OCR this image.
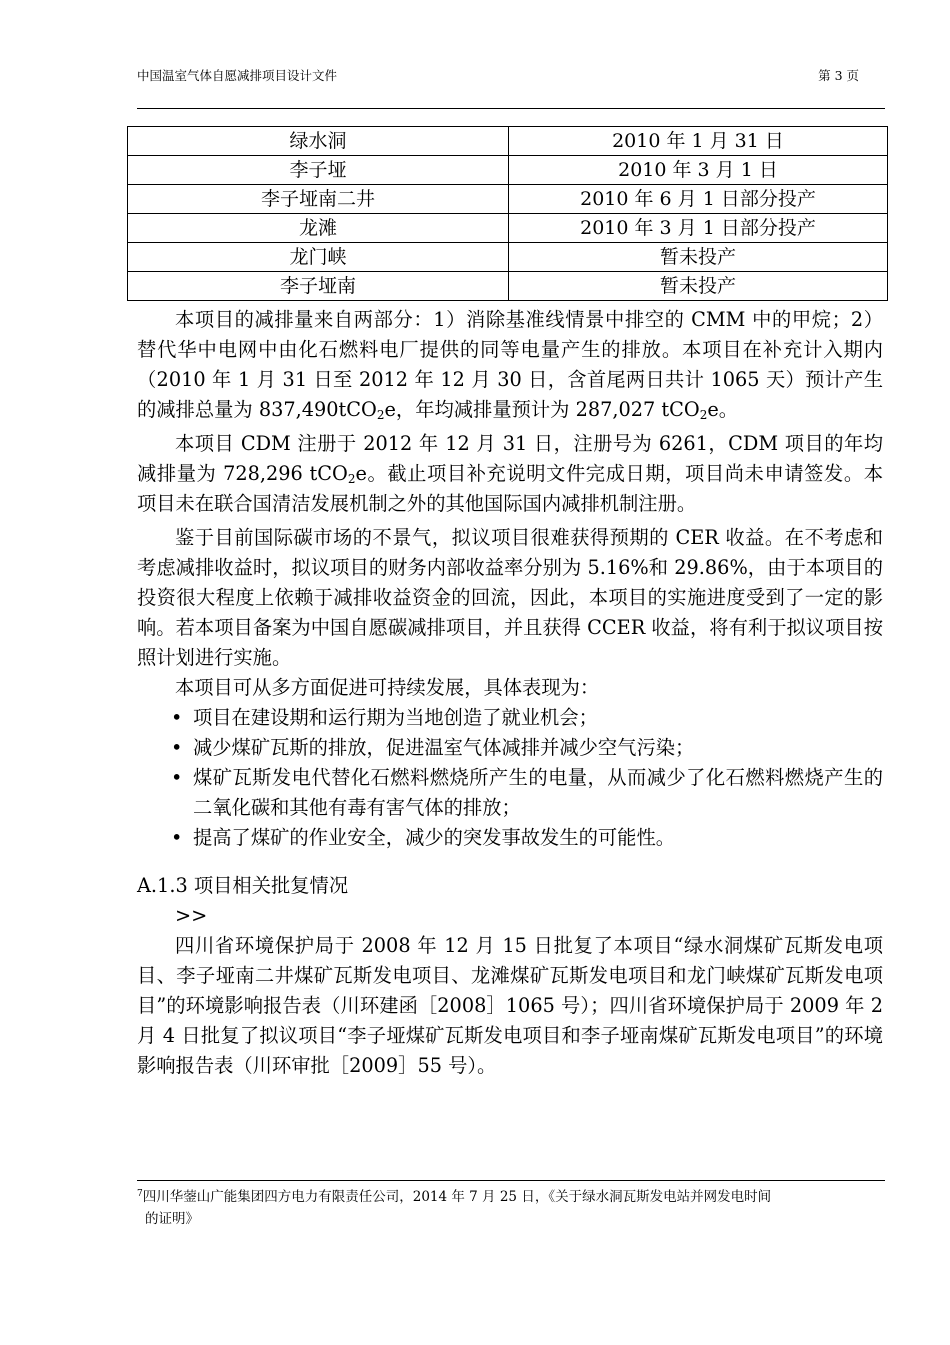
中国温室气体自愿减排项目设计文件	第 3 页
绿水洞	2010 年 1 月 31 日
李子垭	2010 年 3 月 1 日
李子垭南二井	2010 年 6 月 1 日部分投产
龙滩	2010 年 3 月 1 日部分投产
龙门峡	暂未投产
李子垭南	暂未投产

本项目的减排量来自两部分：1）消除基准线情景中排空的 CMM 中的甲烷；2）替代华中电网中由化石燃料电厂提供的同等电量产生的排放。本项目在补充计入期内（2010 年 1 月 31 日至 2012 年 12 月 30 日，含首尾两日共计 1065 天）预计产生的减排总量为 837,490tCO$_2$e，年均减排量预计为 287,027 tCO$_2$e。

本项目 CDM 注册于 2012 年 12 月 31 日，注册号为 6261，CDM 项目的年均减排量为 728,296 tCO$_2$e。截止项目补充说明文件完成日期，项目尚未申请签发。本项目未在联合国清洁发展机制之外的其他国际国内减排机制注册。

鉴于目前国际碳市场的不景气，拟议项目很难获得预期的 CER 收益。在不考虑和考虑减排收益时，拟议项目的财务内部收益率分别为 5.16%和 29.86%，由于本项目的投资很大程度上依赖于减排收益资金的回流，因此，本项目的实施进度受到了一定的影响。若本项目备案为中国自愿碳减排项目，并且获得 CCER 收益，将有利于拟议项目按照计划进行实施。

本项目可从多方面促进可持续发展，具体表现为：

• 项目在建设期和运行期为当地创造了就业机会；
• 减少煤矿瓦斯的排放，促进温室气体减排并减少空气污染；
• 煤矿瓦斯发电代替化石燃料燃烧所产生的电量，从而减少了化石燃料燃烧产生的二氧化碳和其他有毒有害气体的排放；
• 提高了煤矿的作业安全，减少的突发事故发生的可能性。

A.1.3 项目相关批复情况

>>

四川省环境保护局于 2008 年 12 月 15 日批复了本项目“绿水洞煤矿瓦斯发电项目、李子垭南二井煤矿瓦斯发电项目、龙滩煤矿瓦斯发电项目和龙门峡煤矿瓦斯发电项目”的环境影响报告表（川环建函［2008］1065 号）；四川省环境保护局于 2009 年 2 月 4 日批复了拟议项目“李子垭煤矿瓦斯发电项目和李子垭南煤矿瓦斯发电项目”的环境影响报告表（川环审批［2009］55 号）。

$^7$四川华蓥山广能集团四方电力有限责任公司，2014 年 7 月 25 日，《关于绿水洞瓦斯发电站并网发电时间
的证明》
